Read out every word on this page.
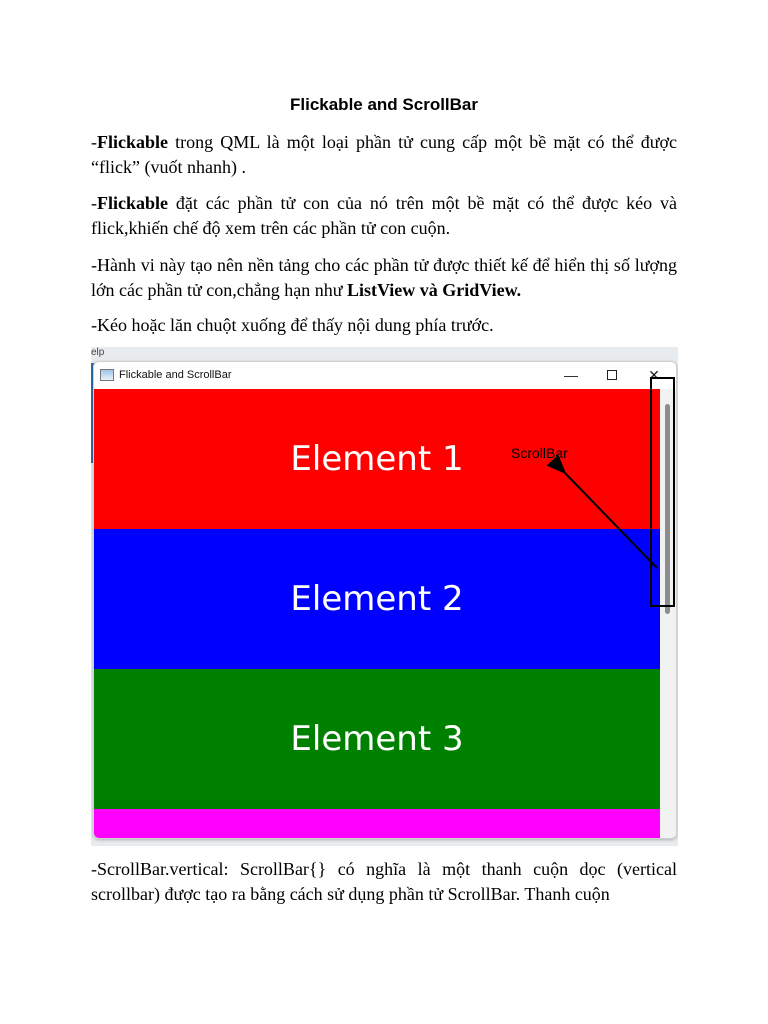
Flickable and ScrollBar
-Flickable trong QML là một loại phần tử cung cấp một bề mặt có thể được “flick” (vuốt nhanh) .
-Flickable đặt các phần tử con của nó trên một bề mặt có thể được kéo và flick,khiến chế độ xem trên các phần tử con cuộn.
-Hành vi này tạo nên nền tảng cho các phần tử được thiết kế để hiển thị số lượng lớn các phần tử con,chẳng hạn như ListView và GridView.
-Kéo hoặc lăn chuột xuống để thấy nội dung phía trước.
elp
Flickable and ScrollBar	—	✕
Element 1
Element 2
Element 3
ScrollBar
-ScrollBar.vertical: ScrollBar{} có nghĩa là một thanh cuộn dọc (vertical scrollbar) được tạo ra bằng cách sử dụng phần tử ScrollBar. Thanh cuộn
